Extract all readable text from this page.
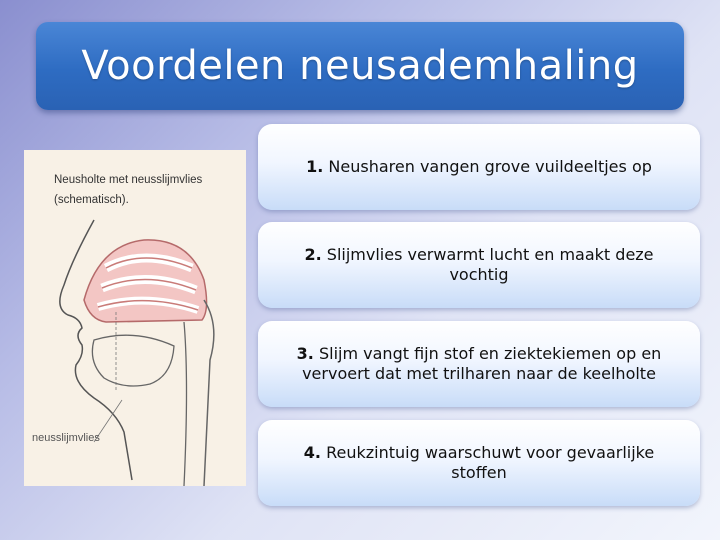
Voordelen neusademhaling
Neusholte met neusslijmvlies
(schematisch).
neusslijmvlies
1. Neusharen vangen grove vuildeeltjes op
2. Slijmvlies verwarmt lucht en maakt deze vochtig
3. Slijm vangt fijn stof en ziektekiemen op en vervoert dat met trilharen naar de keelholte
4. Reukzintuig waarschuwt voor gevaarlijke stoffen
